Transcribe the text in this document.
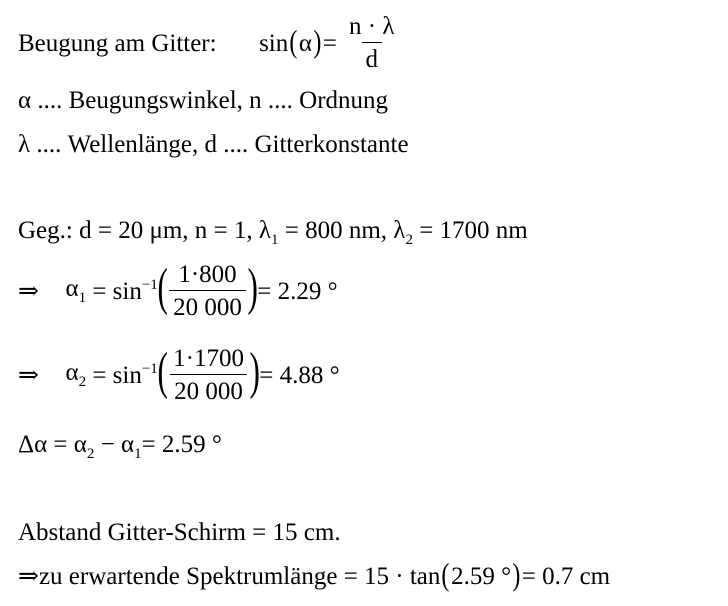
Beugung am Gitter: $\sin(\alpha)= \frac{n \cdot \lambda}{d}$
α .... Beugungswinkel, n .... Ordnung
λ .... Wellenlänge, d .... Gitterkonstante
Geg.: d = 20 μm, n = 1, $\lambda_1 = 800$ nm, $\lambda_2 = 1700$ nm
⇒ $\alpha_1 = \sin^{-1}( \frac{1\cdot 800}{20 000}$ )= 2.29 °
⇒ $\alpha_2 = \sin^{-1}( \frac{1\cdot 1700}{20 000}$ )= 4.88 °
$\Delta\alpha = \alpha_2 - \alpha_1= 2.59$ °
Abstand Gitter-Schirm = 15 cm.
⇒zu erwartende Spektrumlänge = 15 · tan(2.59 °)= 0.7 cm
